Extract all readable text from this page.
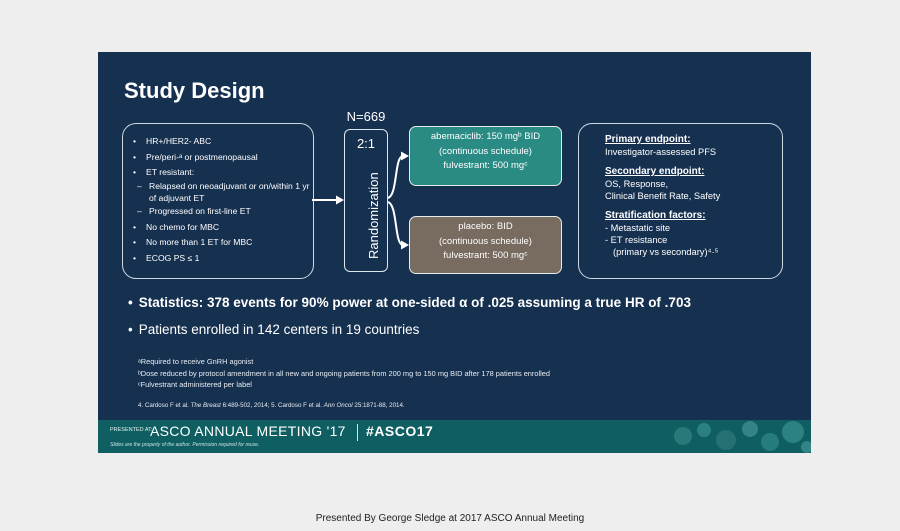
Study Design
• HR+/HER2- ABC
• Pre/peri-ᵃ or postmenopausal
• ET resistant:
– Relapsed on neoadjuvant or on/within 1 yr of adjuvant ET
– Progressed on first-line ET
• No chemo for MBC
• No more than 1 ET for MBC
• ECOG PS ≤ 1
N=669
2:1
Randomization
abemaciclib: 150 mgᵇ BID
(continuous schedule)
fulvestrant: 500 mgᶜ
placebo: BID
(continuous schedule)
fulvestrant: 500 mgᶜ
Primary endpoint:
Investigator-assessed PFS
Secondary endpoint:
OS, Response,
Clinical Benefit Rate, Safety
Stratification factors:
- Metastatic site
- ET resistance
(primary vs secondary)⁴·⁵
• Statistics: 378 events for 90% power at one-sided α of .025 assuming a true HR of .703
• Patients enrolled in 142 centers in 19 countries
ᵃRequired to receive GnRH agonist
ᵇDose reduced by protocol amendment in all new and ongoing patients from 200 mg to 150 mg BID after 178 patients enrolled
ᶜFulvestrant administered per label
4. Cardoso F et al. The Breast 6:489-502, 2014; 5. Cardoso F et al. Ann Oncol 25:1871-88, 2014.
PRESENTED AT:
ASCO ANNUAL MEETING '17 #ASCO17
Slides are the property of the author. Permission required for reuse.
Presented By George Sledge at 2017 ASCO Annual Meeting
